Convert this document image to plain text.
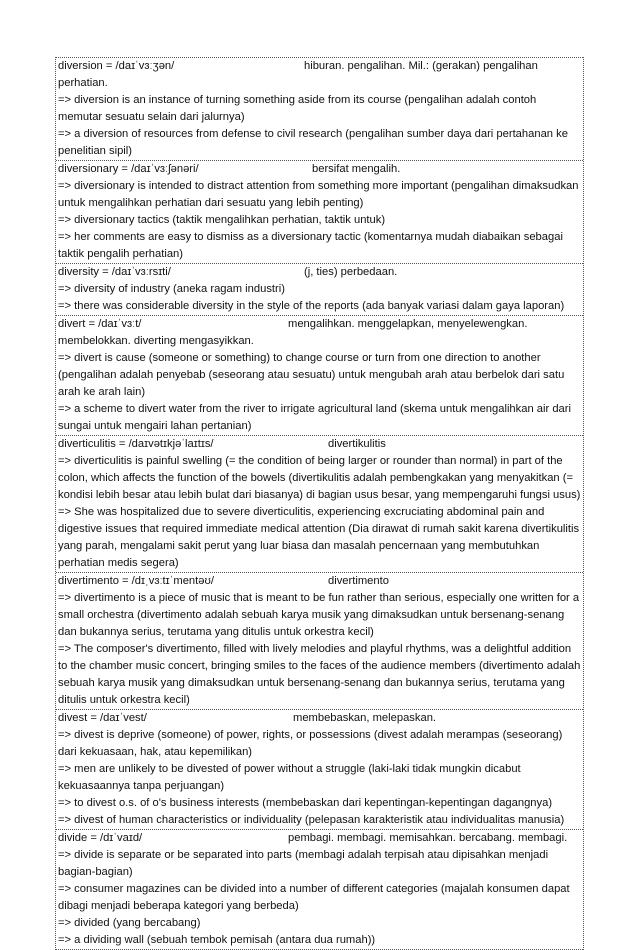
diversion = /daɪˈvɜːʒən/	hiburan. pengalihan. Mil.: (gerakan) pengalihan
perhatian.
=> diversion is an instance of turning something aside from its course (pengalihan adalah contoh memutar sesuatu selain dari jalurnya)
=> a diversion of resources from defense to civil research (pengalihan sumber daya dari pertahanan ke penelitian sipil)
diversionary = /daɪˈvɜːʃənəri/	bersifat mengalih.
=> diversionary is intended to distract attention from something more important (pengalihan dimaksudkan untuk mengalihkan perhatian dari sesuatu yang lebih penting)
=> diversionary tactics (taktik mengalihkan perhatian, taktik untuk)
=> her comments are easy to dismiss as a diversionary tactic (komentarnya mudah diabaikan sebagai taktik pengalih perhatian)
diversity = /daɪˈvɜːrsɪti/	(j, ties) perbedaan.
=> diversity of industry (aneka ragam industri)
=> there was considerable diversity in the style of the reports (ada banyak variasi dalam gaya laporan)
divert = /daɪˈvɜːt/	mengalihkan. menggelapkan, menyelewengkan.
membelokkan. diverting mengasyikkan.
=> divert is cause (someone or something) to change course or turn from one direction to another (pengalihan adalah penyebab (seseorang atau sesuatu) untuk mengubah arah atau berbelok dari satu arah ke arah lain)
=> a scheme to divert water from the river to irrigate agricultural land (skema untuk mengalihkan air dari sungai untuk mengairi lahan pertanian)
diverticulitis = /daɪvətɪkjəˈlaɪtɪs/	divertikulitis
=> diverticulitis is painful swelling (= the condition of being larger or rounder than normal) in part of the colon, which affects the function of the bowels (divertikulitis adalah pembengkakan yang menyakitkan (= kondisi lebih besar atau lebih bulat dari biasanya) di bagian usus besar, yang mempengaruhi fungsi usus)
=> She was hospitalized due to severe diverticulitis, experiencing excruciating abdominal pain and digestive issues that required immediate medical attention (Dia dirawat di rumah sakit karena divertikulitis yang parah, mengalami sakit perut yang luar biasa dan masalah pencernaan yang membutuhkan perhatian medis segera)
divertimento = /dɪˌvɜːtɪˈmentəʊ/	divertimento
=> divertimento is a piece of music that is meant to be fun rather than serious, especially one written for a small orchestra (divertimento adalah sebuah karya musik yang dimaksudkan untuk bersenang-senang dan bukannya serius, terutama yang ditulis untuk orkestra kecil)
=> The composer's divertimento, filled with lively melodies and playful rhythms, was a delightful addition to the chamber music concert, bringing smiles to the faces of the audience members (divertimento adalah sebuah karya musik yang dimaksudkan untuk bersenang-senang dan bukannya serius, terutama yang ditulis untuk orkestra kecil)
divest = /daɪˈvest/	membebaskan, melepaskan.
=> divest is deprive (someone) of power, rights, or possessions (divest adalah merampas (seseorang) dari kekuasaan, hak, atau kepemilikan)
=> men are unlikely to be divested of power without a struggle (laki-laki tidak mungkin dicabut kekuasaannya tanpa perjuangan)
=> to divest o.s. of o's business interests (membebaskan dari kepentingan-kepentingan dagangnya)
=> divest of human characteristics or individuality (pelepasan karakteristik atau individualitas manusia)
divide = /dɪˈvaɪd/	pembagi. membagi. memisahkan. bercabang. membagi.
=> divide is separate or be separated into parts (membagi adalah terpisah atau dipisahkan menjadi bagian-bagian)
=> consumer magazines can be divided into a number of different categories (majalah konsumen dapat dibagi menjadi beberapa kategori yang berbeda)
=> divided (yang bercabang)
=> a dividing wall (sebuah tembok pemisah (antara dua rumah))
